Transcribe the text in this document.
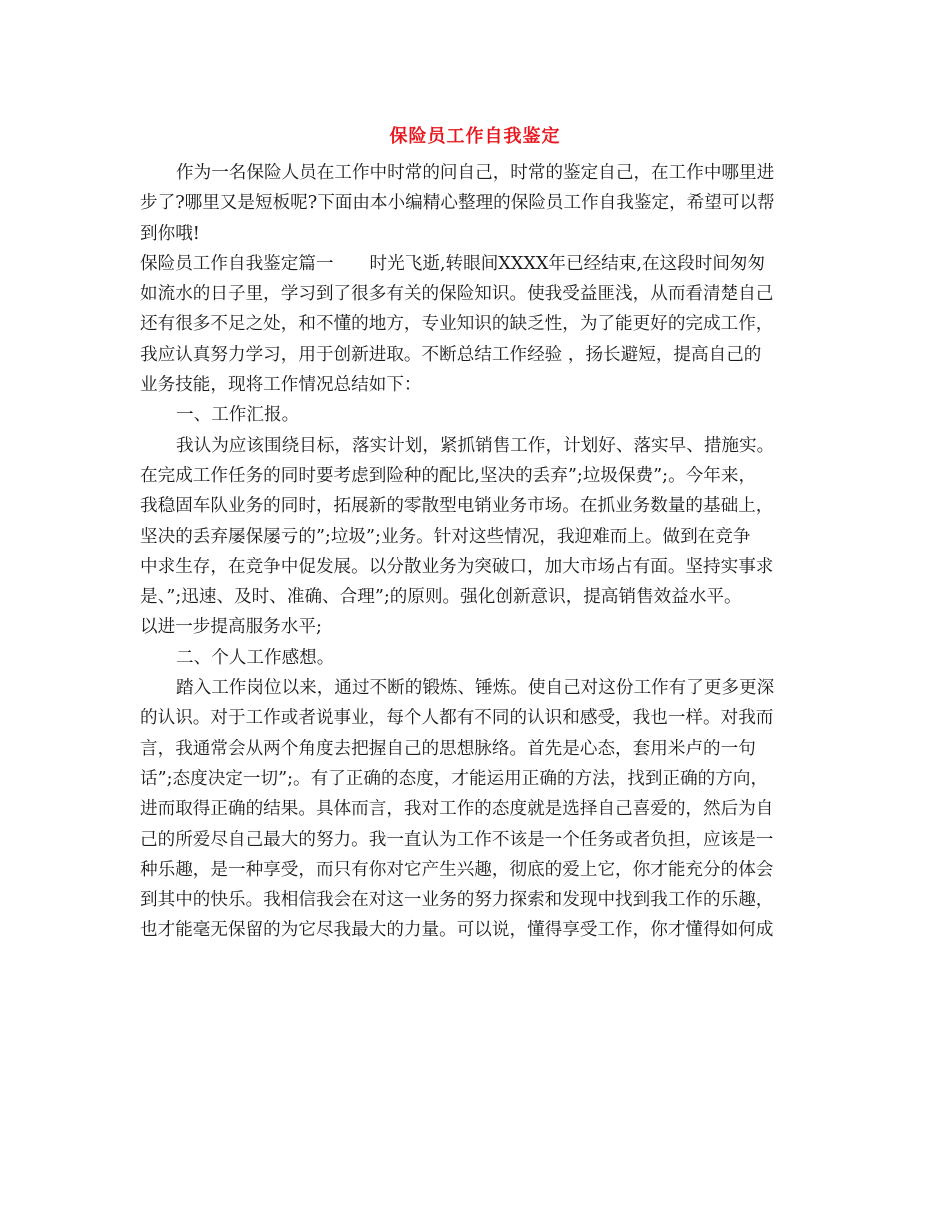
保险员工作自我鉴定
作为一名保险人员在工作中时常的问自己，时常的鉴定自己，在工作中哪里进
步了?哪里又是短板呢?下面由本小编精心整理的保险员工作自我鉴定，希望可以帮
到你哦!
保险员工作自我鉴定篇一 时光飞逝,转眼间XXXX年已经结束,在这段时间匆匆
如流水的日子里，学习到了很多有关的保险知识。使我受益匪浅，从而看清楚自己
还有很多不足之处，和不懂的地方，专业知识的缺乏性，为了能更好的完成工作，
我应认真努力学习，用于创新进取。不断总结工作经验 ，扬长避短，提高自己的
业务技能，现将工作情况总结如下：
一、工作汇报。
我认为应该围绕目标，落实计划，紧抓销售工作，计划好、落实早、措施实。
在完成工作任务的同时要考虑到险种的配比,坚决的丢弃”;垃圾保费”;。今年来，
我稳固车队业务的同时，拓展新的零散型电销业务市场。在抓业务数量的基础上，
坚决的丢弃屡保屡亏的”;垃圾”;业务。针对这些情况，我迎难而上。做到在竞争
中求生存，在竞争中促发展。以分散业务为突破口，加大市场占有面。坚持实事求
是、”;迅速、及时、准确、合理”;的原则。强化创新意识，提高销售效益水平。
以进一步提高服务水平;
二、个人工作感想。
踏入工作岗位以来，通过不断的锻炼、锤炼。使自己对这份工作有了更多更深
的认识。对于工作或者说事业，每个人都有不同的认识和感受，我也一样。对我而
言，我通常会从两个角度去把握自己的思想脉络。首先是心态，套用米卢的一句
话”;态度决定一切”;。有了正确的态度，才能运用正确的方法，找到正确的方向，
进而取得正确的结果。具体而言，我对工作的态度就是选择自己喜爱的，然后为自
己的所爱尽自己最大的努力。我一直认为工作不该是一个任务或者负担，应该是一
种乐趣，是一种享受，而只有你对它产生兴趣，彻底的爱上它，你才能充分的体会
到其中的快乐。我相信我会在对这一业务的努力探索和发现中找到我工作的乐趣，
也才能毫无保留的为它尽我最大的力量。可以说，懂得享受工作，你才懂得如何成
